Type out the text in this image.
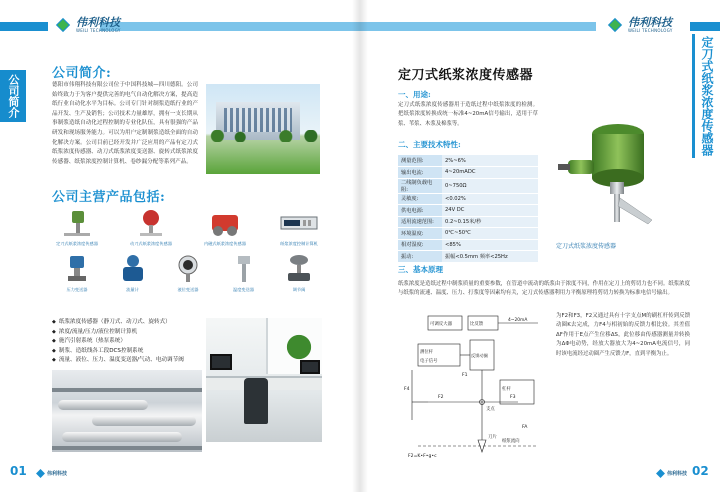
伟利科技
WEILI TECHNOLOGY
公司简介
公司简介:
德阳市伟翔科技有限公司位于中国科技城—四川德阳。公司始终致力于为客户提供完善的电气自动化解决方案，提高造纸行业自动化水平为目标。公司专门针对制浆造纸行业的产品开发、生产及销售；公司技术力量雄厚，拥有一支长期从事制浆造纸自动化过程控制的专业化队伍，具有很强的产品研发和现场服务能力。可以为用户定制制浆造纸全面的自动化解决方案。公司目前已经开发并广泛应用的产品有定刀式纸浆浓度传感器、动刀式纸浆浓度变送器、旋转式纸浆浓度传感器、纸浆浓度控制计算机、卷纱漏分配等系列产品。
公司主营产品包括:
定刀式纸浆浓度传感器	动刀式纸浆浓度传感器	内磁式纸浆浓度传感器	纸浆浓度控制计算机
压力变送器	流量计	液位变送器	温度变送器	调节阀
◆ 纸浆浓度传感器（静刀式、动刀式、旋转式）
◆ 浓度/流量/压力/液位控制计算机
◆ 施汽引射系统（热泵系统）
◆ 制浆、造纸线各工段DCS控制系统
◆ 流量、液位、压力、温度变送器/气动、电动调节阀
01	伟利科技
伟利科技
WEILI TECHNOLOGY
定刀式纸浆浓度传感器
定刀式纸浆浓度传感器
一、用途:
定刀式纸浆浓度传感器用于造纸过程中纸浆浓度的检测。把纸浆浓度转换成统一标准4~20mA信号输出，适用于草浆、苇浆、木浆及棉浆等。
二、主要技术特性:
测量范围:	2%~6%
输出电流:	4~20mADC
二线制负载电阻:	0~750Ω
灵敏度:	<0.02%
供电电源:	24V DC
适用流速范围:	0.2~0.15米/秒
环境温度:	0℃~50℃
相对湿度:	<85%
振动:	振幅<0.5mm 频率<25Hz
定刀式纸浆浓度传感器
三、基本原理
纸浆浓度是造纸过程中制浆质量的重要参数，在管道中流动的纸浆由于浓度不同，作用在定刀上的剪切力也不同。纸浆浓度与纸浆的流速、温度、压力、打浆度等因素均有关，定刀式传感器利用力平衡原理将剪切力转换为标准电信号输出。
为F2和F3，F2又通过具有十字支点M的刷杠杆传到反馈动圈K去完成，力F4与相初始的反馈力相比较。其差值ΔF作用于E点产生位移ΔS，此位移由传感器测量并转换为ΔΦ电动势，经放大器放大为4~20mA电流信号，同时该电流经过动圈产生反馈力F，直到平衡为止。
可调反大器	比反馈
4~20mA
测位杆
电子信号
反馈动圈
杠杆
支点
刀片
纸浆流向
F1
F2	F3
F4
FA
F2=K•F•g•c
伟利科技 02
